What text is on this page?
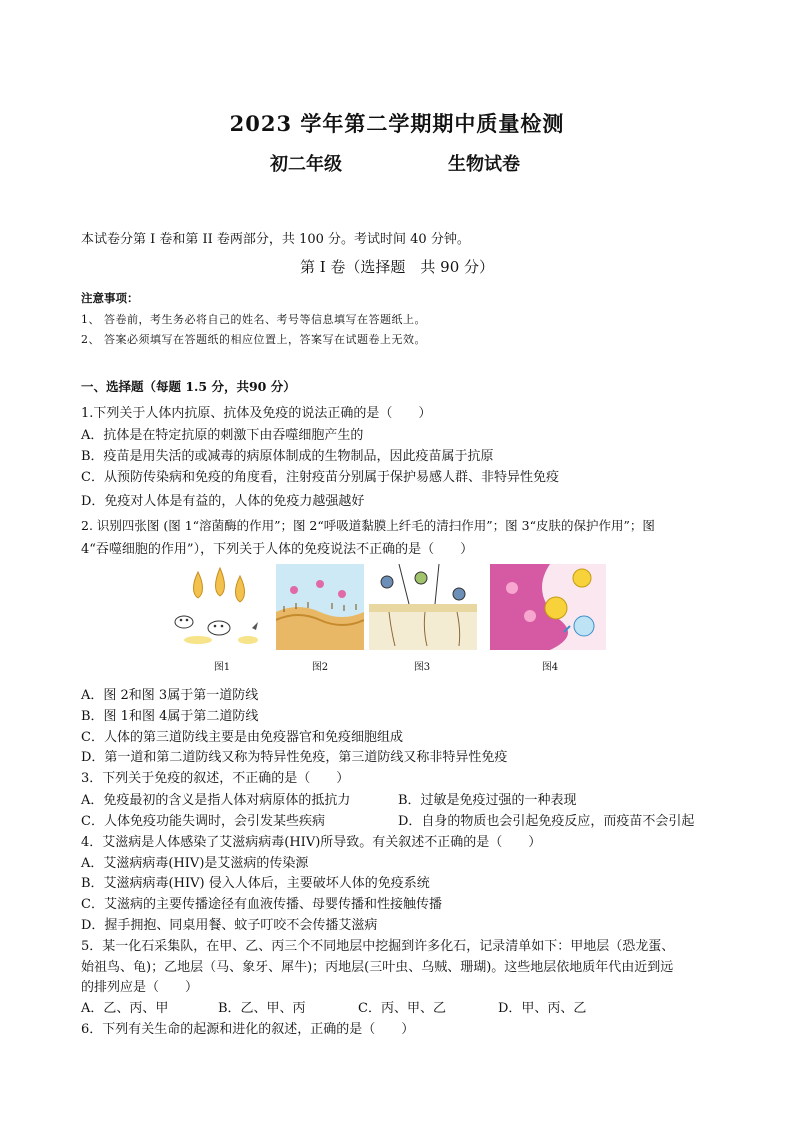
2023 学年第二学期期中质量检测
初二年级	生物试卷
本试卷分第 I 卷和第 II 卷两部分，共 100 分。考试时间 40 分钟。
第 I 卷（选择题　共 90 分）
注意事项：
1、 答卷前，考生务必将自己的姓名、考号等信息填写在答题纸上。
2、 答案必须填写在答题纸的相应位置上，答案写在试题卷上无效。
一、选择题（每题 1.5 分，共90 分）
1.下列关于人体内抗原、抗体及免疫的说法正确的是（　　）
A．抗体是在特定抗原的刺激下由吞噬细胞产生的
B．疫苗是用失活的或减毒的病原体制成的生物制品，因此疫苗属于抗原
C．从预防传染病和免疫的角度看，注射疫苗分别属于保护易感人群、非特异性免疫
D．免疫对人体是有益的，人体的免疫力越强越好
2. 识别四张图 (图 1“溶菌酶的作用”；图 2“呼吸道黏膜上纤毛的清扫作用”；图 3“皮肤的保护作用”；图
4“吞噬细胞的作用”），下列关于人体的免疫说法不正确的是（　　）
图1	图2	图3	图4
A．图 2和图 3属于第一道防线
B．图 1和图 4属于第二道防线
C．人体的第三道防线主要是由免疫器官和免疫细胞组成
D．第一道和第二道防线又称为特异性免疫，第三道防线又称非特异性免疫
3．下列关于免疫的叙述，不正确的是（　　）
A．免疫最初的含义是指人体对病原体的抵抗力	B．过敏是免疫过强的一种表现
C．人体免疫功能失调时，会引发某些疾病	D．自身的物质也会引起免疫反应，而疫苗不会引起
4．艾滋病是人体感染了艾滋病病毒(HIV)所导致。有关叙述不正确的是（　　）
A．艾滋病病毒(HIV)是艾滋病的传染源
B．艾滋病病毒(HIV) 侵入人体后，主要破坏人体的免疫系统
C．艾滋病的主要传播途径有血液传播、母婴传播和性接触传播
D．握手拥抱、同桌用餐、蚊子叮咬不会传播艾滋病
5．某一化石采集队，在甲、乙、丙三个不同地层中挖掘到许多化石，记录清单如下：甲地层（恐龙蛋、
始祖鸟、龟)；乙地层（马、象牙、犀牛)；丙地层(三叶虫、乌贼、珊瑚)。这些地层依地质年代由近到远
的排列应是（　　）
A．乙、丙、甲	B．乙、甲、丙	C．丙、甲、乙	D．甲、丙、乙
6．下列有关生命的起源和进化的叙述，正确的是（　　）
